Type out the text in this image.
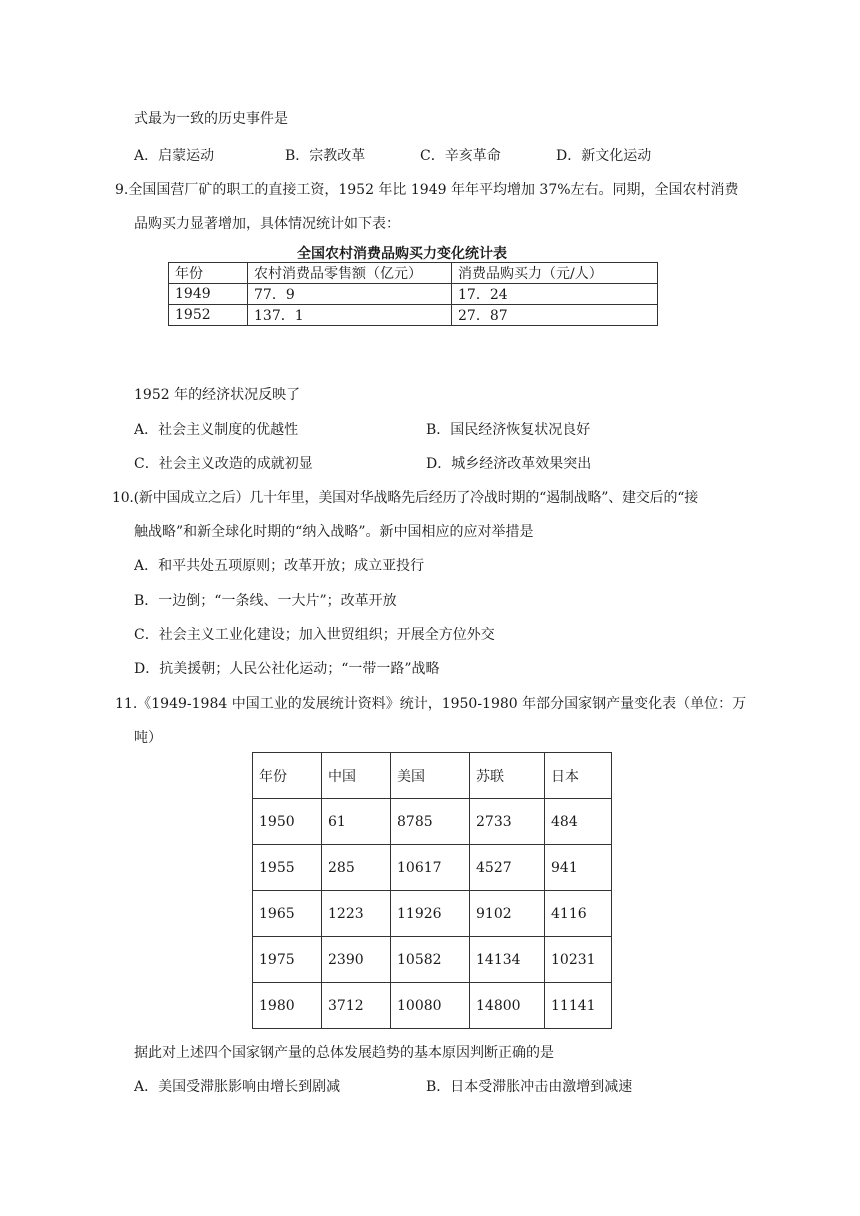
式最为一致的历史事件是
A．启蒙运动	B．宗教改革	C．辛亥革命	D．新文化运动
9.全国国营厂矿的职工的直接工资，1952 年比 1949 年年平均增加 37%左右。同期，全国农村消费
品购买力显著增加，具体情况统计如下表：
全国农村消费品购买力变化统计表
年份	农村消费品零售额（亿元）	消费品购买力（元/人）
1949	77．9	17．24
1952	137．1	27．87
1952 年的经济状况反映了
A．社会主义制度的优越性	B．国民经济恢复状况良好
C．社会主义改造的成就初显	D．城乡经济改革效果突出
10.(新中国成立之后）几十年里，美国对华战略先后经历了冷战时期的“遏制战略”、建交后的“接
触战略”和新全球化时期的“纳入战略”。新中国相应的应对举措是
A．和平共处五项原则；改革开放；成立亚投行
B．一边倒；“一条线、一大片”；改革开放
C．社会主义工业化建设；加入世贸组织；开展全方位外交
D．抗美援朝；人民公社化运动；“一带一路”战略
11.《1949-1984 中国工业的发展统计资料》统计，1950-1980 年部分国家钢产量变化表（单位：万
吨）
年份	中国	美国	苏联	日本
1950	61	8785	2733	484
1955	285	10617	4527	941
1965	1223	11926	9102	4116
1975	2390	10582	14134	10231
1980	3712	10080	14800	11141
据此对上述四个国家钢产量的总体发展趋势的基本原因判断正确的是
A．美国受滞胀影响由增长到剧减	B．日本受滞胀冲击由激增到减速
